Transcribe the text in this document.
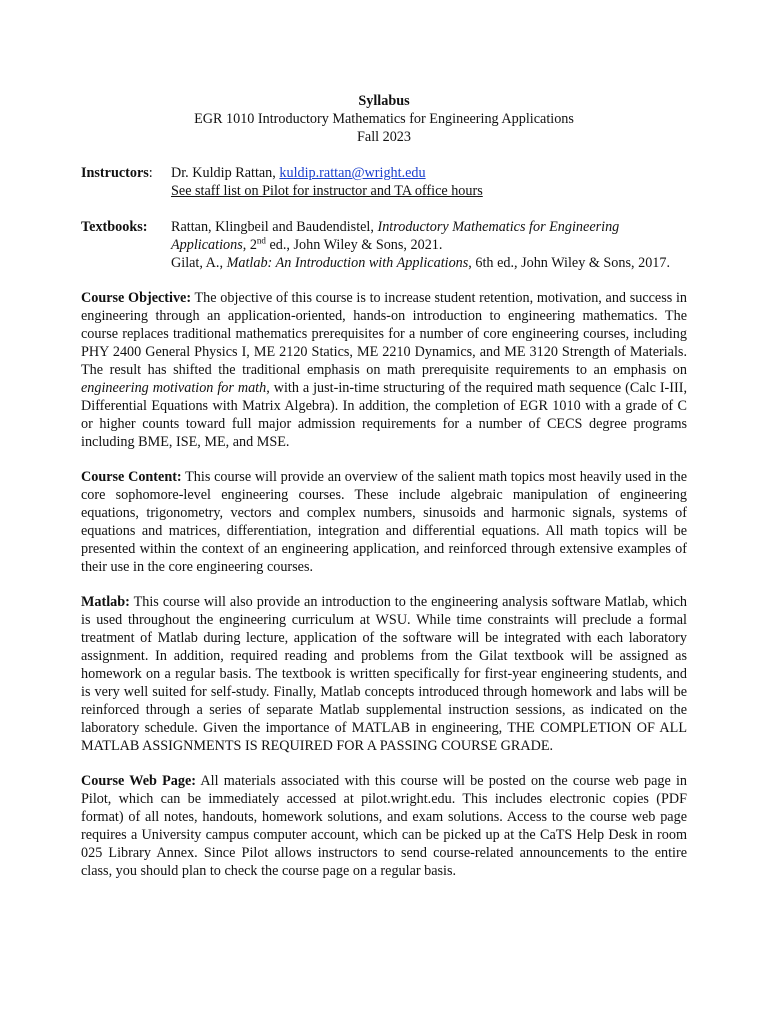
Syllabus
EGR 1010 Introductory Mathematics for Engineering Applications
Fall 2023
Instructors:	Dr. Kuldip Rattan, kuldip.rattan@wright.edu
See staff list on Pilot for instructor and TA office hours
Textbooks:	Rattan, Klingbeil and Baudendistel, Introductory Mathematics for Engineering Applications, 2nd ed., John Wiley & Sons, 2021.
Gilat, A., Matlab: An Introduction with Applications, 6th ed., John Wiley & Sons, 2017.

Course Objective: The objective of this course is to increase student retention, motivation, and success in engineering through an application-oriented, hands-on introduction to engineering mathematics. The course replaces traditional mathematics prerequisites for a number of core engineering courses, including PHY 2400 General Physics I, ME 2120 Statics, ME 2210 Dynamics, and ME 3120 Strength of Materials. The result has shifted the traditional emphasis on math prerequisite requirements to an emphasis on engineering motivation for math, with a just-in-time structuring of the required math sequence (Calc I-III, Differential Equations with Matrix Algebra). In addition, the completion of EGR 1010 with a grade of C or higher counts toward full major admission requirements for a number of CECS degree programs including BME, ISE, ME, and MSE.

Course Content: This course will provide an overview of the salient math topics most heavily used in the core sophomore-level engineering courses. These include algebraic manipulation of engineering equations, trigonometry, vectors and complex numbers, sinusoids and harmonic signals, systems of equations and matrices, differentiation, integration and differential equations. All math topics will be presented within the context of an engineering application, and reinforced through extensive examples of their use in the core engineering courses.

Matlab: This course will also provide an introduction to the engineering analysis software Matlab, which is used throughout the engineering curriculum at WSU. While time constraints will preclude a formal treatment of Matlab during lecture, application of the software will be integrated with each laboratory assignment. In addition, required reading and problems from the Gilat textbook will be assigned as homework on a regular basis. The textbook is written specifically for first-year engineering students, and is very well suited for self-study. Finally, Matlab concepts introduced through homework and labs will be reinforced through a series of separate Matlab supplemental instruction sessions, as indicated on the laboratory schedule. Given the importance of MATLAB in engineering, THE COMPLETION OF ALL MATLAB ASSIGNMENTS IS REQUIRED FOR A PASSING COURSE GRADE.

Course Web Page: All materials associated with this course will be posted on the course web page in Pilot, which can be immediately accessed at pilot.wright.edu. This includes electronic copies (PDF format) of all notes, handouts, homework solutions, and exam solutions. Access to the course web page requires a University campus computer account, which can be picked up at the CaTS Help Desk in room 025 Library Annex. Since Pilot allows instructors to send course-related announcements to the entire class, you should plan to check the course page on a regular basis.
